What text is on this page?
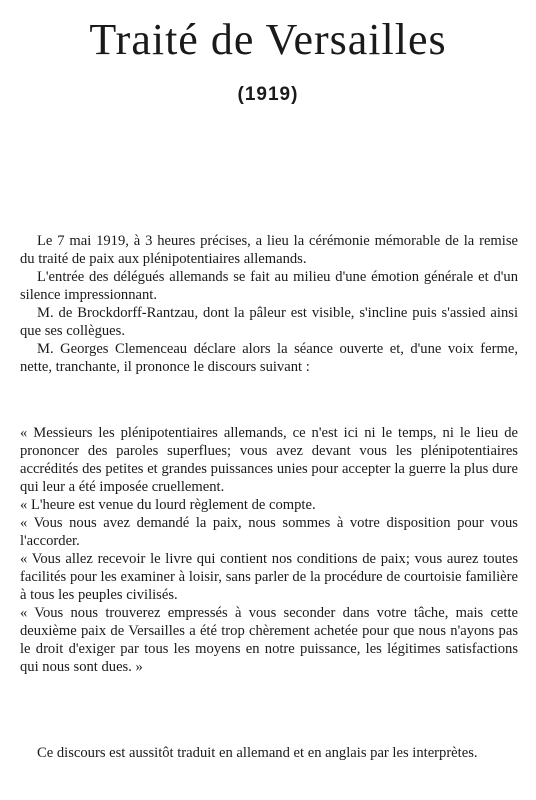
Traité de Versailles
(1919)

Le 7 mai 1919, à 3 heures précises, a lieu la cérémonie mémorable de la remise du traité de paix aux plénipotentiaires allemands.

L'entrée des délégués allemands se fait au milieu d'une émotion générale et d'un silence impressionnant.

M. de Brockdorff-Rantzau, dont la pâleur est visible, s'incline puis s'assied ainsi que ses collègues.

M. Georges Clemenceau déclare alors la séance ouverte et, d'une voix ferme, nette, tranchante, il prononce le discours suivant :

« Messieurs les plénipotentiaires allemands, ce n'est ici ni le temps, ni le lieu de prononcer des paroles superflues; vous avez devant vous les plénipotentiaires accrédités des petites et grandes puissances unies pour accepter la guerre la plus dure qui leur a été imposée cruellement.

« L'heure est venue du lourd règlement de compte.

« Vous nous avez demandé la paix, nous sommes à votre disposition pour vous l'accorder.

« Vous allez recevoir le livre qui contient nos conditions de paix; vous aurez toutes facilités pour les examiner à loisir, sans parler de la procédure de courtoisie familière à tous les peuples civilisés.

« Vous nous trouverez empressés à vous seconder dans votre tâche, mais cette deuxième paix de Versailles a été trop chèrement achetée pour que nous n'ayons pas le droit d'exiger par tous les moyens en notre puissance, les légitimes satisfactions qui nous sont dues. »

Ce discours est aussitôt traduit en allemand et en anglais par les interprètes.
